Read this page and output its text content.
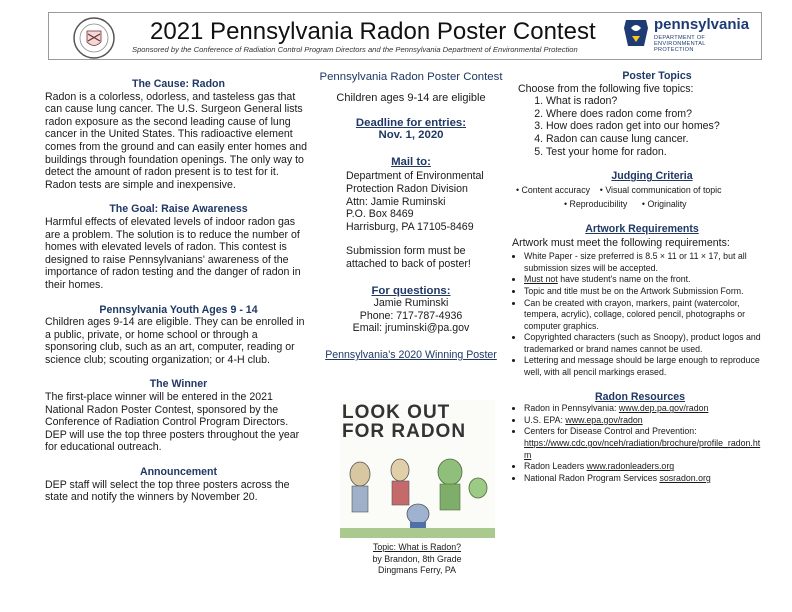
2021 Pennsylvania Radon Poster Contest
Sponsored by the Conference of Radiation Control Program Directors and the Pennsylvania Department of Environmental Protection
pennsylvania
DEPARTMENT OF ENVIRONMENTAL
PROTECTION
The Cause: Radon
Radon is a colorless, odorless, and tasteless gas that can cause lung cancer. The U.S. Surgeon General lists radon exposure as the second leading cause of lung cancer in the United States. This radioactive element comes from the ground and can easily enter homes and buildings through foundation openings. The only way to detect the amount of radon present is to test for it. Radon tests are simple and inexpensive.
The Goal: Raise Awareness
Harmful effects of elevated levels of indoor radon gas are a problem. The solution is to reduce the number of homes with elevated levels of radon. This contest is designed to raise Pennsylvanians' awareness of the importance of radon testing and the danger of radon in their homes.
Pennsylvania Youth Ages 9 - 14
Children ages 9-14 are eligible. They can be enrolled in a public, private, or home school or through a sponsoring club, such as an art, computer, reading or science club; scouting organization; or 4-H club.
The Winner
The first-place winner will be entered in the 2021 National Radon Poster Contest, sponsored by the Conference of Radiation Control Program Directors. DEP will use the top three posters throughout the year for educational outreach.
Announcement
DEP staff will select the top three posters across the state and notify the winners by November 20.
Pennsylvania Radon Poster Contest
Children ages 9-14 are eligible
Deadline for entries:
Nov. 1, 2020
Mail to:
Department of Environmental
Protection Radon Division
Attn: Jamie Ruminski
P.O. Box 8469
Harrisburg, PA 17105-8469
Submission form must be attached to back of poster!
For questions:
Jamie Ruminski
Phone: 717-787-4936
Email: jruminski@pa.gov
Pennsylvania's 2020 Winning Poster
LOOK OUT
FOR RADON
Topic: What is Radon?
by Brandon, 8th Grade
Dingmans Ferry, PA
Poster Topics
Choose from the following five topics:
1. What is radon?
2. Where does radon come from?
3. How does radon get into our homes?
4. Radon can cause lung cancer.
5. Test your home for radon.
Judging Criteria
• Content accuracy    • Visual communication of topic
• Reproducibility      • Originality
Artwork Requirements
Artwork must meet the following requirements:
• White Paper - size preferred is 8.5 × 11 or 11 × 17, but all submission sizes will be accepted.
• Must not have student's name on the front.
• Topic and title must be on the Artwork Submission Form.
• Can be created with crayon, markers, paint (watercolor, tempera, acrylic), collage, colored pencil, photographs or computer graphics.
• Copyrighted characters (such as Snoopy), product logos and trademarked or brand names cannot be used.
• Lettering and message should be large enough to reproduce well, with all pencil markings erased.
Radon Resources
• Radon in Pennsylvania: www.dep.pa.gov/radon
• U.S. EPA: www.epa.gov/radon
• Centers for Disease Control and Prevention:
https://www.cdc.gov/nceh/radiation/brochure/profile_radon.htm
• Radon Leaders www.radonleaders.org
• National Radon Program Services sosradon.org
